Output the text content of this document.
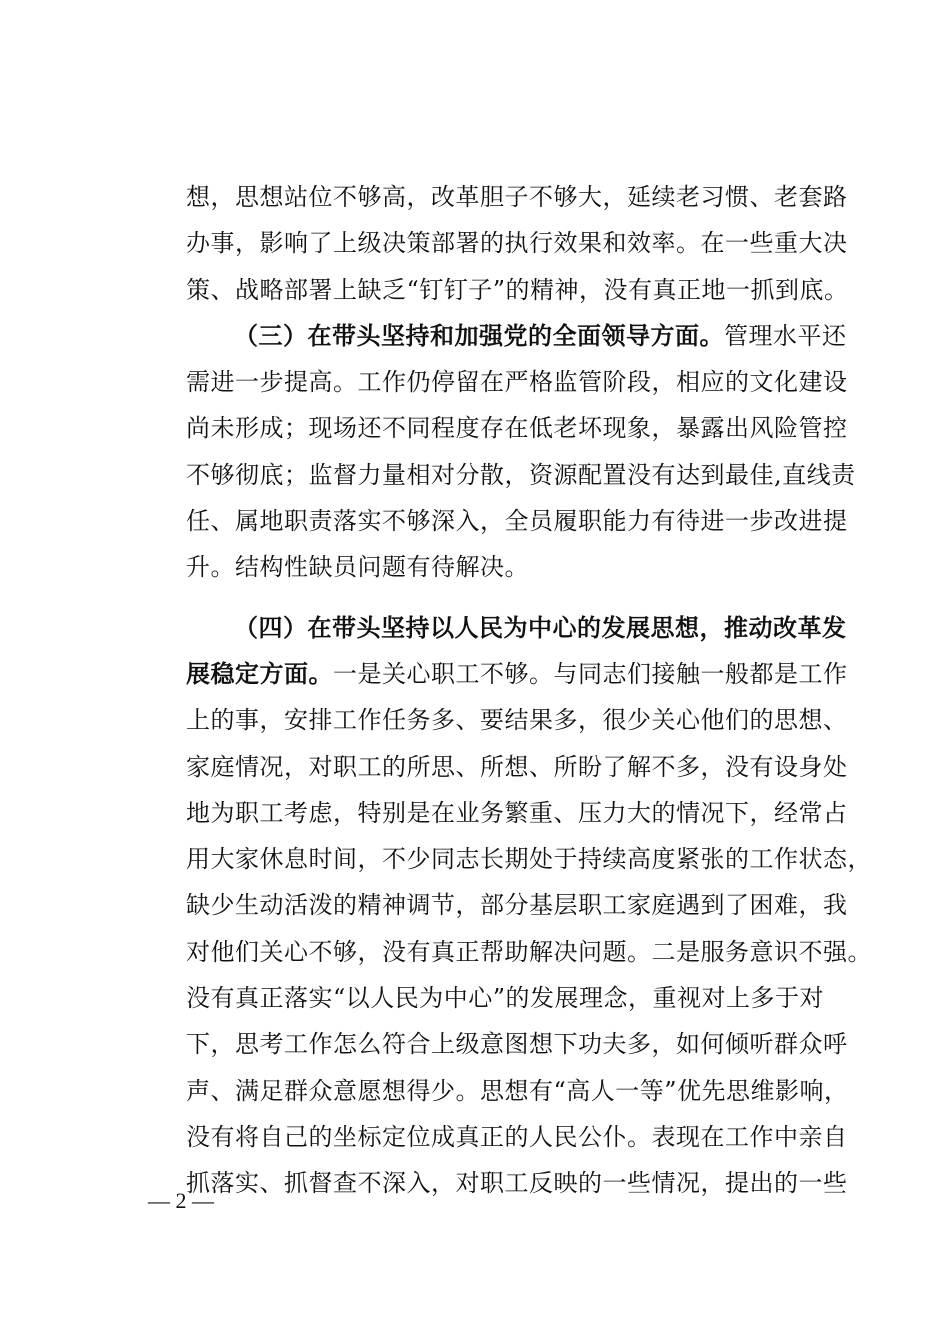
想，思想站位不够高，改革胆子不够大，延续老习惯、老套路
办事，影响了上级决策部署的执行效果和效率。在一些重大决
策、战略部署上缺乏“钉钉子”的精神，没有真正地一抓到底。
（三）在带头坚持和加强党的全面领导方面。管理水平还
需进一步提高。工作仍停留在严格监管阶段，相应的文化建设
尚未形成；现场还不同程度存在低老坏现象，暴露出风险管控
不够彻底；监督力量相对分散，资源配置没有达到最佳,直线责
任、属地职责落实不够深入，全员履职能力有待进一步改进提
升。结构性缺员问题有待解决。
（四）在带头坚持以人民为中心的发展思想，推动改革发
展稳定方面。一是关心职工不够。与同志们接触一般都是工作
上的事，安排工作任务多、要结果多，很少关心他们的思想、
家庭情况，对职工的所思、所想、所盼了解不多，没有设身处
地为职工考虑，特别是在业务繁重、压力大的情况下，经常占
用大家休息时间，不少同志长期处于持续高度紧张的工作状态，
缺少生动活泼的精神调节，部分基层职工家庭遇到了困难，我
对他们关心不够，没有真正帮助解决问题。二是服务意识不强。
没有真正落实“以人民为中心”的发展理念，重视对上多于对
下，思考工作怎么符合上级意图想下功夫多，如何倾听群众呼
声、满足群众意愿想得少。思想有“高人一等”优先思维影响，
没有将自己的坐标定位成真正的人民公仆。表现在工作中亲自
抓落实、抓督查不深入，对职工反映的一些情况，提出的一些
— 2 —
